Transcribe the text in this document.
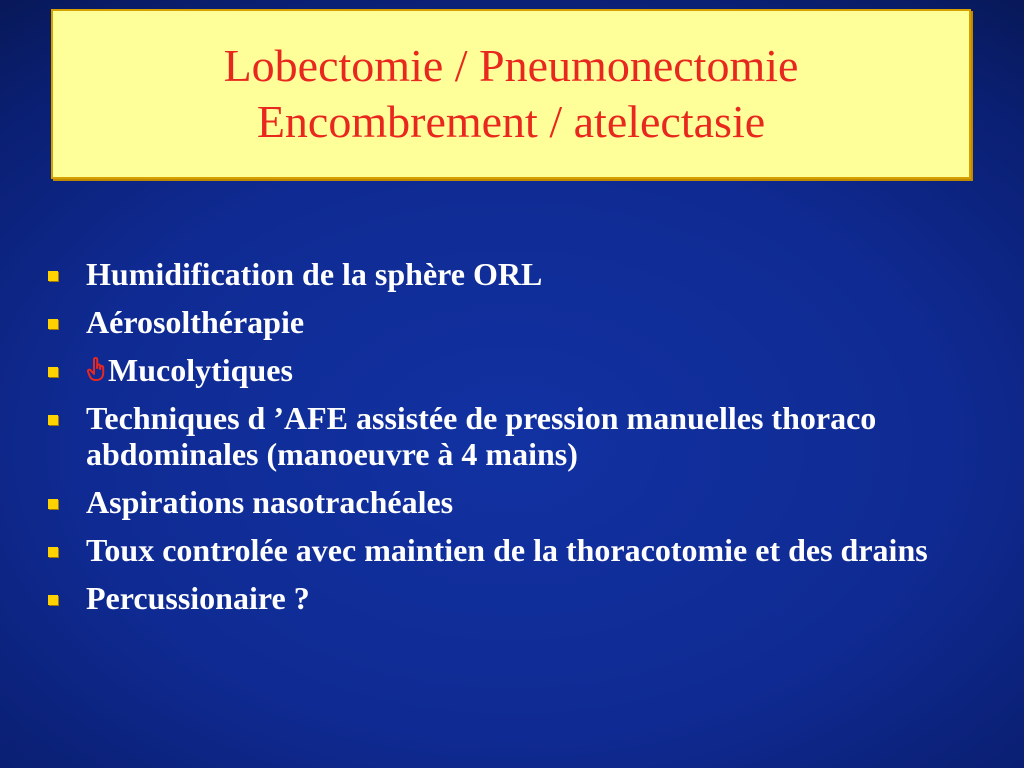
Lobectomie / Pneumonectomie
Encombrement / atelectasie
Humidification de la sphère ORL
Aérosolthérapie
Mucolytiques
Techniques d ’AFE assistée de pression manuelles thoraco abdominales (manoeuvre à 4 mains)
Aspirations nasotrachéales
Toux controlée avec maintien de la thoracotomie et des drains
Percussionaire ?
